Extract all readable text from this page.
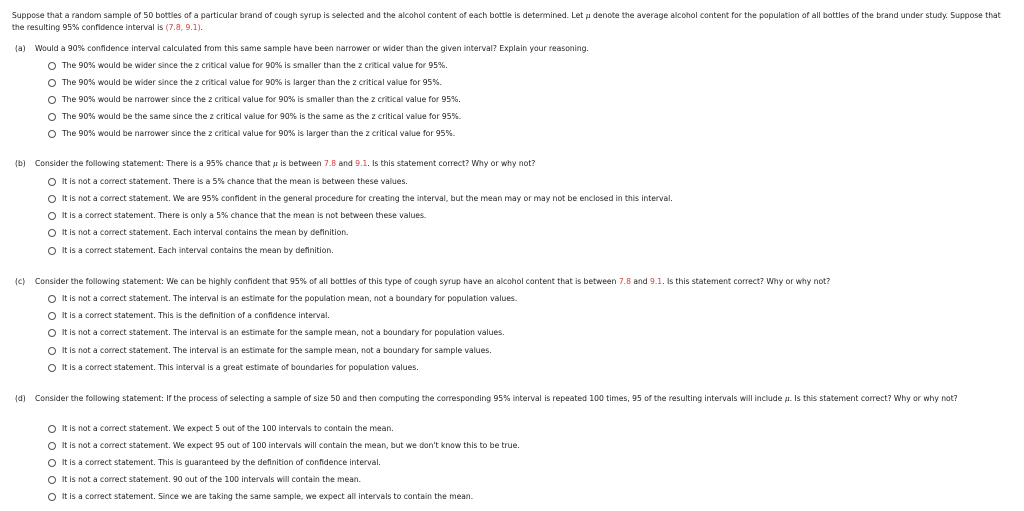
Suppose that a random sample of 50 bottles of a particular brand of cough syrup is selected and the alcohol content of each bottle is determined. Let μ denote the average alcohol content for the population of all bottles of the brand under study. Suppose that the resulting 95% confidence interval is (7.8, 9.1).
(a) Would a 90% confidence interval calculated from this same sample have been narrower or wider than the given interval? Explain your reasoning.
The 90% would be wider since the z critical value for 90% is smaller than the z critical value for 95%.
The 90% would be wider since the z critical value for 90% is larger than the z critical value for 95%.
The 90% would be narrower since the z critical value for 90% is smaller than the z critical value for 95%.
The 90% would be the same since the z critical value for 90% is the same as the z critical value for 95%.
The 90% would be narrower since the z critical value for 90% is larger than the z critical value for 95%.
(b) Consider the following statement: There is a 95% chance that μ is between 7.8 and 9.1. Is this statement correct? Why or why not?
It is not a correct statement. There is a 5% chance that the mean is between these values.
It is not a correct statement. We are 95% confident in the general procedure for creating the interval, but the mean may or may not be enclosed in this interval.
It is a correct statement. There is only a 5% chance that the mean is not between these values.
It is not a correct statement. Each interval contains the mean by definition.
It is a correct statement. Each interval contains the mean by definition.
(c) Consider the following statement: We can be highly confident that 95% of all bottles of this type of cough syrup have an alcohol content that is between 7.8 and 9.1. Is this statement correct? Why or why not?
It is not a correct statement. The interval is an estimate for the population mean, not a boundary for population values.
It is a correct statement. This is the definition of a confidence interval.
It is not a correct statement. The interval is an estimate for the sample mean, not a boundary for population values.
It is not a correct statement. The interval is an estimate for the sample mean, not a boundary for sample values.
It is a correct statement. This interval is a great estimate of boundaries for population values.
(d) Consider the following statement: If the process of selecting a sample of size 50 and then computing the corresponding 95% interval is repeated 100 times, 95 of the resulting intervals will include μ. Is this statement correct? Why or why not?
It is not a correct statement. We expect 5 out of the 100 intervals to contain the mean.
It is not a correct statement. We expect 95 out of 100 intervals will contain the mean, but we don't know this to be true.
It is a correct statement. This is guaranteed by the definition of confidence interval.
It is not a correct statement. 90 out of the 100 intervals will contain the mean.
It is a correct statement. Since we are taking the same sample, we expect all intervals to contain the mean.
